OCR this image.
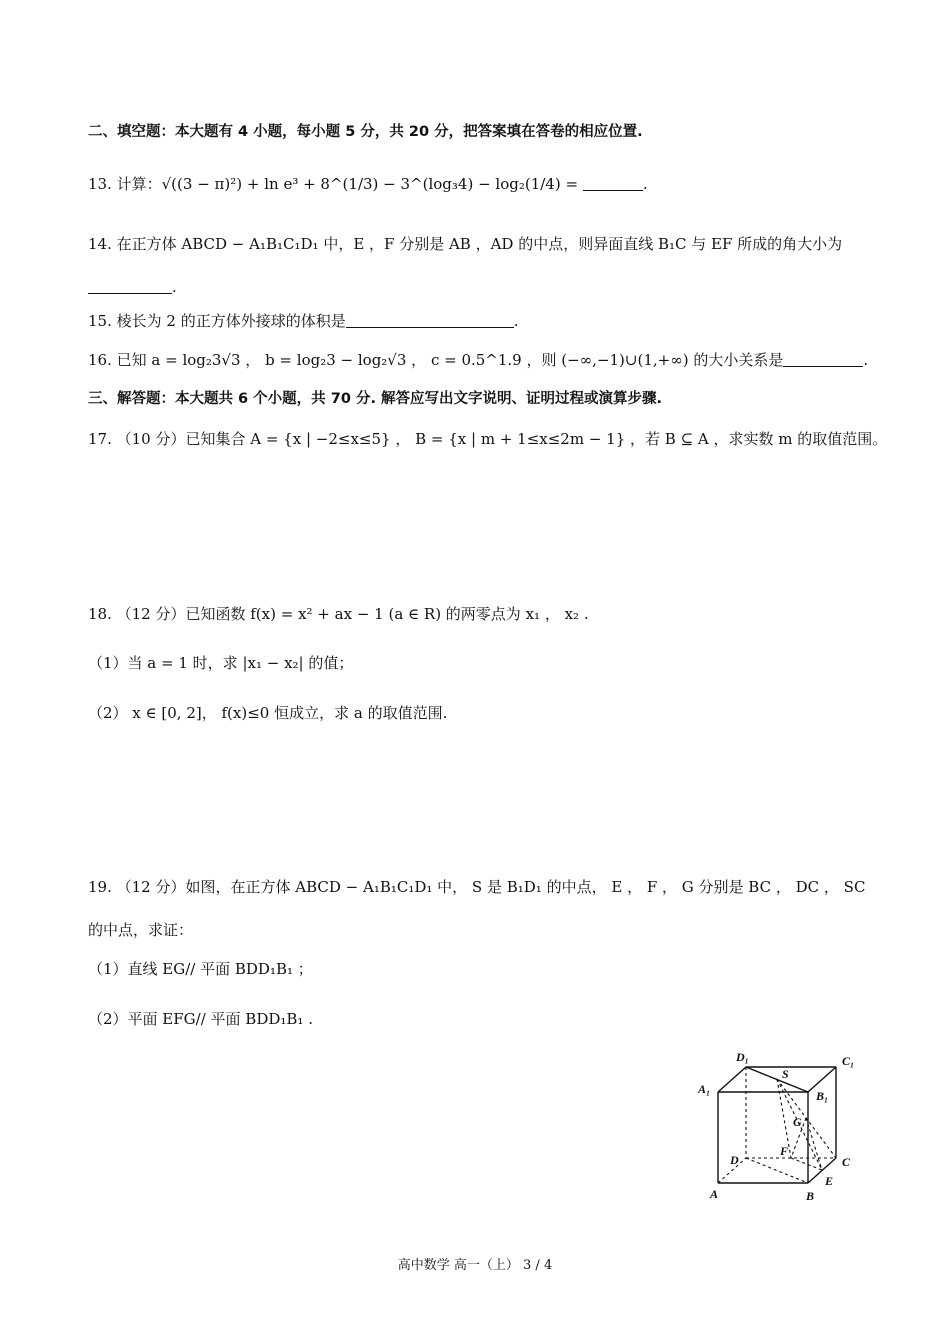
二、填空题：本大题有 4 小题，每小题 5 分，共 20 分，把答案填在答卷的相应位置.
13. 计算：√((3 − π)²) + ln e³ + 8^(1/3) − 3^(log₃4) − log₂(1/4) =	.
14. 在正方体 ABCD − A₁B₁C₁D₁ 中，E ，F 分别是 AB ，AD 的中点，则异面直线 B₁C 与 EF 所成的角大小为
.
15. 棱长为 2 的正方体外接球的体积是	.
16. 已知 a = log₂3√3 ， b = log₂3 − log₂√3 ， c = 0.5^1.9 ，则 (−∞,−1)∪(1,+∞) 的大小关系是	.
三、解答题：本大题共 6 个小题，共 70 分. 解答应写出文字说明、证明过程或演算步骤.
17. （10 分）已知集合 A = {x | −2≤x≤5} ， B = {x | m + 1≤x≤2m − 1} ，若 B ⊆ A ，求实数 m 的取值范围。
18. （12 分）已知函数 f(x) = x² + ax − 1 (a ∈ R) 的两零点为 x₁ ， x₂ .
（1）当 a = 1 时，求 |x₁ − x₂| 的值；
（2） x ∈ [0, 2]， f(x)≤0 恒成立，求 a 的取值范围.
19. （12 分）如图，在正方体 ABCD − A₁B₁C₁D₁ 中， S 是 B₁D₁ 的中点， E ， F ， G 分别是 BC ， DC ， SC
的中点，求证：
（1）直线 EG// 平面 BDD₁B₁ ；
（2）平面 EFG// 平面 BDD₁B₁ .
D₁	C₁
A₁	B₁
S
G
F
D	C
E
A	B
高中数学 高一（上） 3 / 4
